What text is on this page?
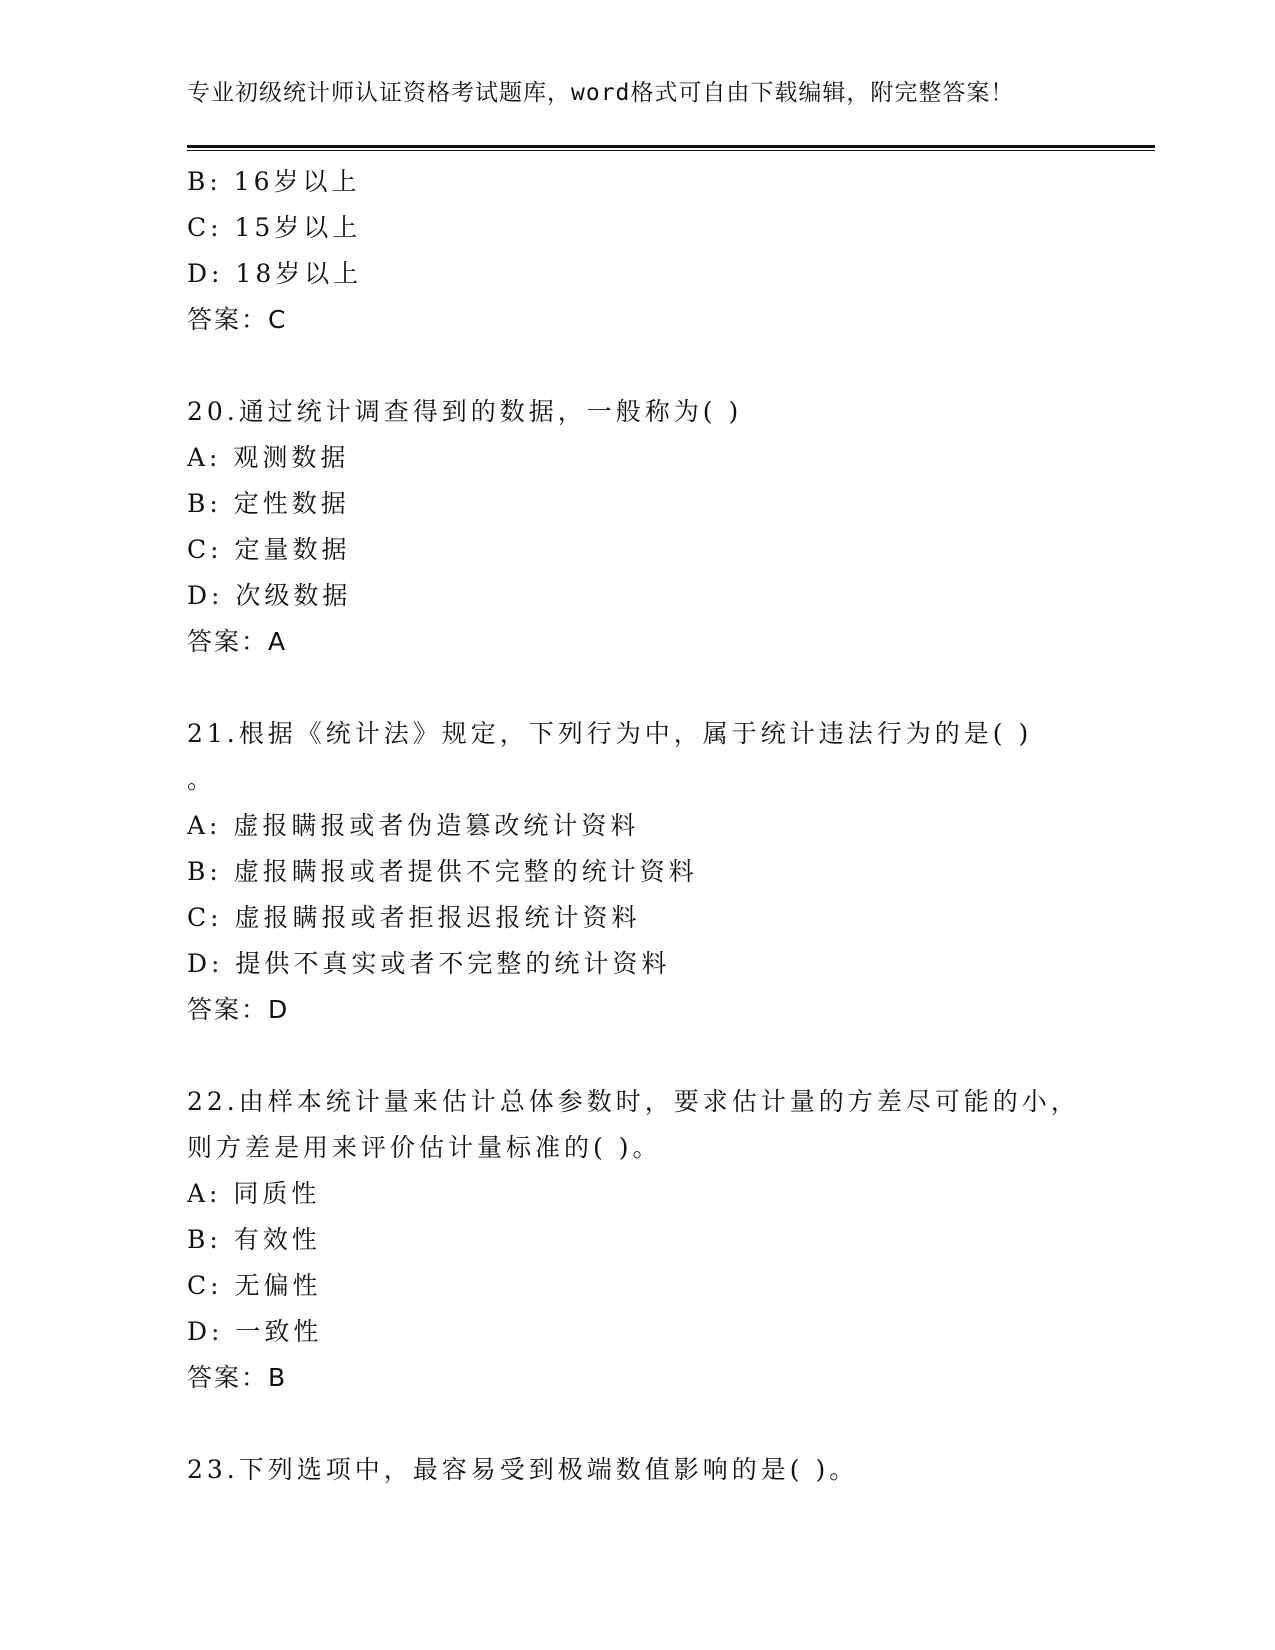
专业初级统计师认证资格考试题库，word格式可自由下载编辑，附完整答案！
B: 16岁以上
C: 15岁以上
D: 18岁以上
答案：C
20.通过统计调查得到的数据，一般称为( )
A: 观测数据
B: 定性数据
C: 定量数据
D: 次级数据
答案：A
21.根据《统计法》规定，下列行为中，属于统计违法行为的是( )
。
A: 虚报瞒报或者伪造篡改统计资料
B: 虚报瞒报或者提供不完整的统计资料
C: 虚报瞒报或者拒报迟报统计资料
D: 提供不真实或者不完整的统计资料
答案：D
22.由样本统计量来估计总体参数时，要求估计量的方差尽可能的小，
则方差是用来评价估计量标准的( )。
A: 同质性
B: 有效性
C: 无偏性
D: 一致性
答案：B
23.下列选项中，最容易受到极端数值影响的是( )。
